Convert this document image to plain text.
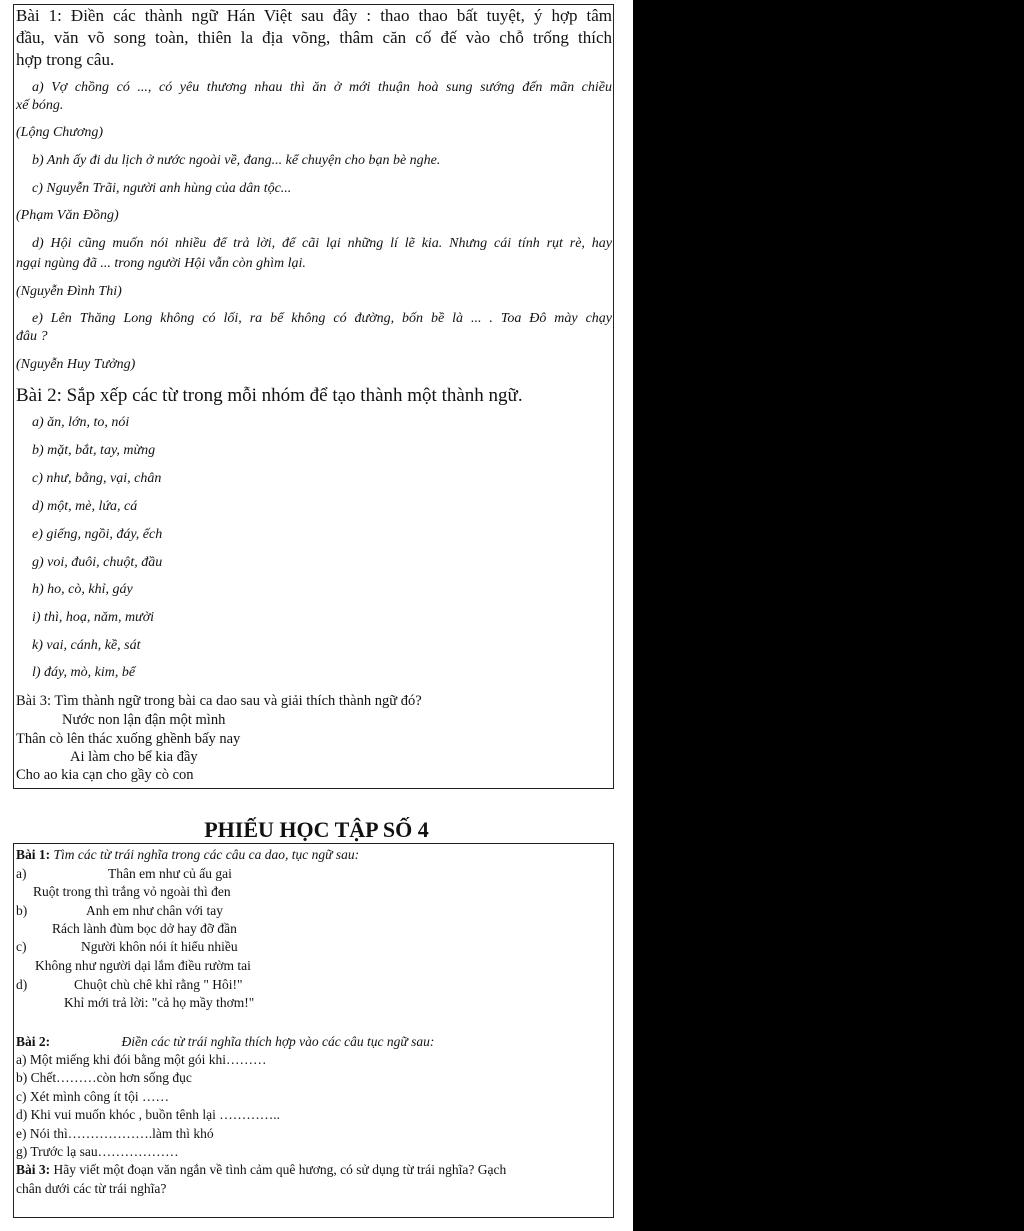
Bài 1: Điền các thành ngữ Hán Việt sau đây : thao thao bất tuyệt, ý hợp tâm
đầu, văn võ song toàn, thiên la địa võng, thâm căn cố đế vào chỗ trống thích
hợp trong câu.
a) Vợ chồng có ..., có yêu thương nhau thì ăn ở mới thuận hoà sung sướng đến mãn chiều
xế bóng.
(Lộng Chương)
b) Anh ấy đi du lịch ở nước ngoài về, đang... kể chuyện cho bạn bè nghe.
c) Nguyễn Trãi, người anh hùng của dân tộc...
(Phạm Văn Đồng)
d) Hội cũng muốn nói nhiều để trả lời, để cãi lại những lí lẽ kia. Nhưng cái tính rụt rè, hay
ngại ngùng đã ... trong người Hội vẫn còn ghìm lại.
(Nguyễn Đình Thi)
e) Lên Thăng Long không có lối, ra bể không có đường, bốn bề là ... . Toa Đô mày chạy
đâu ?
(Nguyễn Huy Tưởng)
Bài 2: Sắp xếp các từ trong mỗi nhóm để tạo thành một thành ngữ.
a) ăn, lớn, to, nói
b) mặt, bắt, tay, mừng
c) như, bằng, vại, chân
d) một, mè, lứa, cá
e) giếng, ngồi, đáy, ếch
g) voi, đuôi, chuột, đầu
h) ho, cò, khỉ, gáy
i) thì, hoạ, năm, mười
k) vai, cánh, kề, sát
l) đáy, mò, kim, bể
Bài 3: Tìm thành ngữ trong bài ca dao sau và giải thích thành ngữ đó?
Nước non lận đận một mình
Thân cò lên thác xuống ghềnh bấy nay
Ai làm cho bể kia đầy
Cho ao kia cạn cho gầy cò con
PHIẾU HỌC TẬP SỐ 4
Bài 1: Tìm các từ trái nghĩa trong các câu ca dao, tục ngữ sau:
a)	Thân em như củ ấu gai
Ruột trong thì trắng vỏ ngoài thì đen
b)	Anh em như chân với tay
Rách lành đùm bọc dở hay đỡ đần
c)	Người khôn nói ít hiểu nhiều
Không như người dại lắm điều rườm tai
d)	Chuột chù chê khỉ rằng " Hôi!"
Khỉ mới trả lời: "cả họ mầy thơm!"
Bài 2:	Điền các từ trái nghĩa thích hợp vào các câu tục ngữ sau:
a) Một miếng khi đói bằng một gói khi………
b) Chết………còn hơn sống đục
c) Xét mình công ít tội ……
d) Khi vui muốn khóc , buồn tênh lại …………..
e) Nói thì……………….làm thì khó
g) Trước lạ sau………………
Bài 3: Hãy viết một đoạn văn ngắn về tình cảm quê hương, có sử dụng từ trái nghĩa? Gạch
chân dưới các từ trái nghĩa?
